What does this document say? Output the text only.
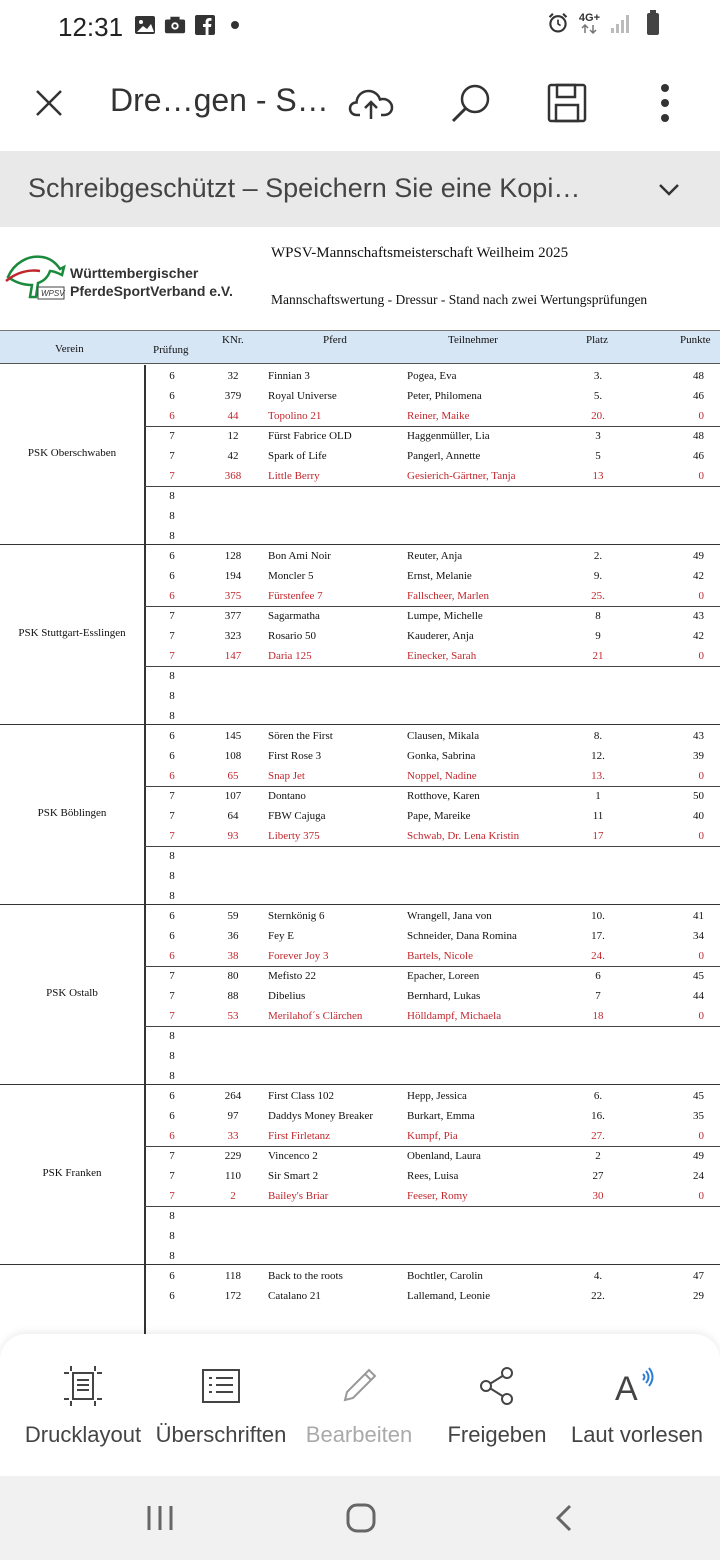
12:31	4G+
Dre…gen - S…
Schreibgeschützt – Speichern Sie eine Kopi…
WPSV
Württembergischer
PferdeSportVerband e.V.
WPSV-Mannschaftsmeisterschaft Weilheim 2025
Mannschaftswertung - Dressur - Stand nach zwei Wertungsprüfungen
Verein	Prüfung
KNr.	Pferd	Teilnehmer	Platz	Punkte
PSK Oberschwaben
6	32	Finnian 3	Pogea, Eva	3.	48
6	379	Royal Universe	Peter, Philomena	5.	46
6	44	Topolino 21	Reiner, Maike	20.	0
7	12	Fürst Fabrice OLD	Haggenmüller, Lia	3	48
7	42	Spark of Life	Pangerl, Annette	5	46
7	368	Little Berry	Gesierich-Gärtner, Tanja	13	0
8
8
8
PSK Stuttgart-Esslingen
6	128	Bon Ami Noir	Reuter, Anja	2.	49
6	194	Moncler 5	Ernst, Melanie	9.	42
6	375	Fürstenfee 7	Fallscheer, Marlen	25.	0
7	377	Sagarmatha	Lumpe, Michelle	8	43
7	323	Rosario 50	Kauderer, Anja	9	42
7	147	Daria 125	Einecker, Sarah	21	0
8
8
8
PSK Böblingen
6	145	Sören the First	Clausen, Mikala	8.	43
6	108	First Rose 3	Gonka, Sabrina	12.	39
6	65	Snap Jet	Noppel, Nadine	13.	0
7	107	Dontano	Rotthove, Karen	1	50
7	64	FBW Cajuga	Pape, Mareike	11	40
7	93	Liberty 375	Schwab, Dr. Lena Kristin	17	0
8
8
8
PSK Ostalb
6	59	Sternkönig 6	Wrangell, Jana von	10.	41
6	36	Fey E	Schneider, Dana Romina	17.	34
6	38	Forever Joy 3	Bartels, Nicole	24.	0
7	80	Mefisto 22	Epacher, Loreen	6	45
7	88	Dibelius	Bernhard, Lukas	7	44
7	53	Merilahof´s Clärchen	Hölldampf, Michaela	18	0
8
8
8
PSK Franken
6	264	First Class 102	Hepp, Jessica	6.	45
6	97	Daddys Money Breaker	Burkart, Emma	16.	35
6	33	First Firletanz	Kumpf, Pia	27.	0
7	229	Vincenco 2	Obenland, Laura	2	49
7	110	Sir Smart 2	Rees, Luisa	27	24
7	2	Bailey's Briar	Feeser, Romy	30	0
8
8
8
6	118	Back to the roots	Bochtler, Carolin	4.	47
6	172	Catalano 21	Lallemand, Leonie	22.	29
Drucklayout Überschriften Bearbeiten	Freigeben
A
Laut vorlesen
